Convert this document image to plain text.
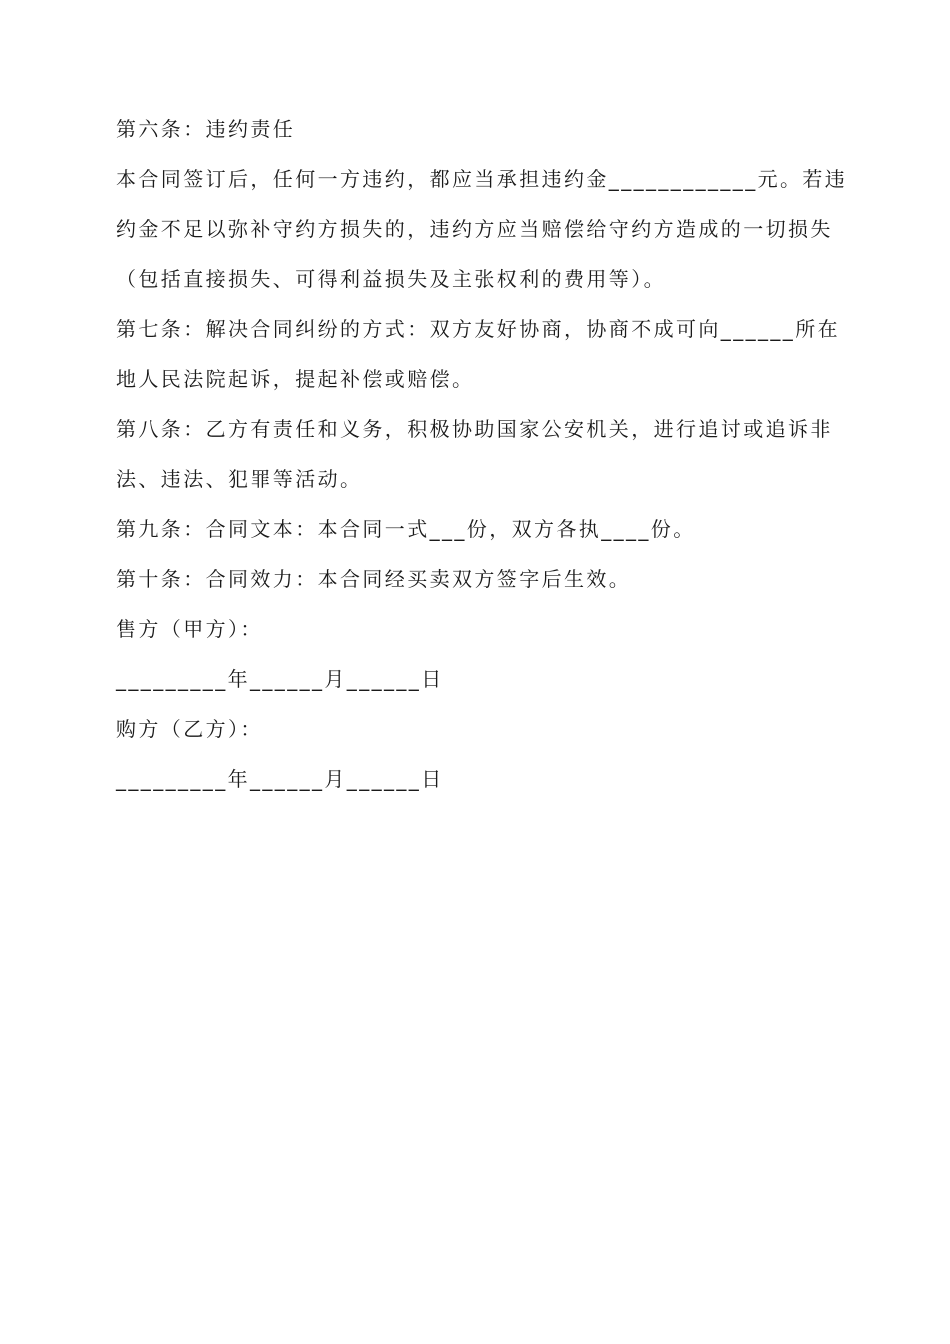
第六条：违约责任

本合同签订后，任何一方违约，都应当承担违约金____________元。若违

约金不足以弥补守约方损失的，违约方应当赔偿给守约方造成的一切损失

（包括直接损失、可得利益损失及主张权利的费用等）。

第七条：解决合同纠纷的方式：双方友好协商，协商不成可向______所在

地人民法院起诉，提起补偿或赔偿。

第八条：乙方有责任和义务，积极协助国家公安机关，进行追讨或追诉非

法、违法、犯罪等活动。

第九条：合同文本：本合同一式___份，双方各执____份。

第十条：合同效力：本合同经买卖双方签字后生效。

售方（甲方）：

_________年______月______日

购方（乙方）：

_________年______月______日
